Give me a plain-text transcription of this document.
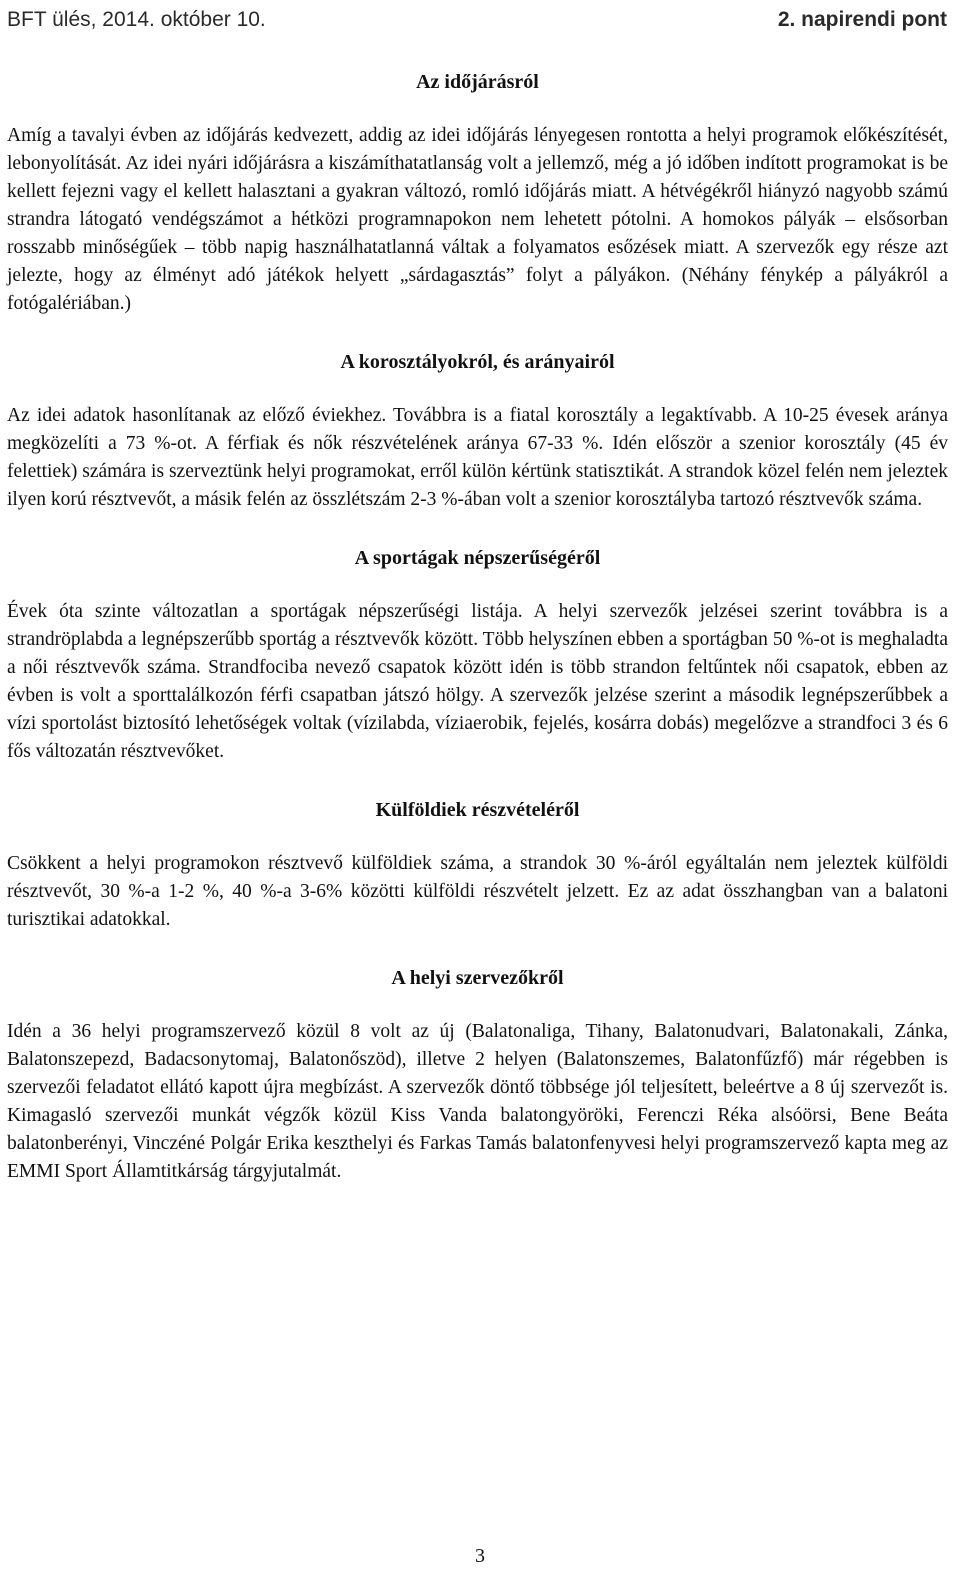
BFT ülés, 2014. október 10.	2. napirendi pont
Az időjárásról

Amíg a tavalyi évben az időjárás kedvezett, addig az idei időjárás lényegesen rontotta a helyi programok előkészítését, lebonyolítását. Az idei nyári időjárásra a kiszámíthatatlanság volt a jellemző, még a jó időben indított programokat is be kellett fejezni vagy el kellett halasztani a gyakran változó, romló időjárás miatt. A hétvégékről hiányzó nagyobb számú strandra látogató vendégszámot a hétközi programnapokon nem lehetett pótolni. A homokos pályák – elsősorban rosszabb minőségűek – több napig használhatatlanná váltak a folyamatos esőzések miatt. A szervezők egy része azt jelezte, hogy az élményt adó játékok helyett „sárdagasztás” folyt a pályákon. (Néhány fénykép a pályákról a fotógalériában.)

A korosztályokról, és arányairól

Az idei adatok hasonlítanak az előző éviekhez. Továbbra is a fiatal korosztály a legaktívabb. A 10-25 évesek aránya megközelíti a 73 %-ot. A férfiak és nők részvételének aránya 67-33 %. Idén először a szenior korosztály (45 év felettiek) számára is szerveztünk helyi programokat, erről külön kértünk statisztikát. A strandok közel felén nem jeleztek ilyen korú résztvevőt, a másik felén az összlétszám 2-3 %-ában volt a szenior korosztályba tartozó résztvevők száma.

A sportágak népszerűségéről

Évek óta szinte változatlan a sportágak népszerűségi listája. A helyi szervezők jelzései szerint továbbra is a strandröplabda a legnépszerűbb sportág a résztvevők között. Több helyszínen ebben a sportágban 50 %-ot is meghaladta a női résztvevők száma. Strandfociba nevező csapatok között idén is több strandon feltűntek női csapatok, ebben az évben is volt a sporttalálkozón férfi csapatban játszó hölgy. A szervezők jelzése szerint a második legnépszerűbbek a vízi sportolást biztosító lehetőségek voltak (vízilabda, víziaerobik, fejelés, kosárra dobás) megelőzve a strandfoci 3 és 6 fős változatán résztvevőket.

Külföldiek részvételéről

Csökkent a helyi programokon résztvevő külföldiek száma, a strandok 30 %-áról egyáltalán nem jeleztek külföldi résztvevőt, 30 %-a 1-2 %, 40 %-a 3-6% közötti külföldi részvételt jelzett. Ez az adat összhangban van a balatoni turisztikai adatokkal.

A helyi szervezőkről

Idén a 36 helyi programszervező közül 8 volt az új (Balatonaliga, Tihany, Balatonudvari, Balatonakali, Zánka, Balatonszepezd, Badacsonytomaj, Balatonőszöd), illetve 2 helyen (Balatonszemes, Balatonfűzfő) már régebben is szervezői feladatot ellátó kapott újra megbízást. A szervezők döntő többsége jól teljesített, beleértve a 8 új szervezőt is. Kimagasló szervezői munkát végzők közül Kiss Vanda balatongyöröki, Ferenczi Réka alsóörsi, Bene Beáta balatonberényi, Vinczéné Polgár Erika keszthelyi és Farkas Tamás balatonfenyvesi helyi programszervező kapta meg az EMMI Sport Államtitkárság tárgyjutalmát.

3
